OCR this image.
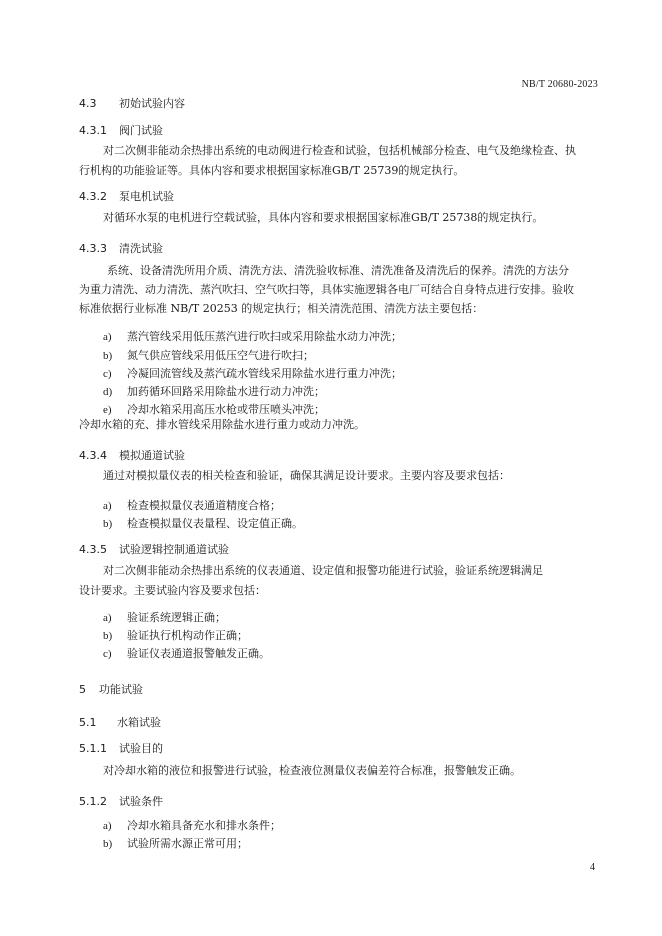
NB/T 20680-2023
4.3 初始试验内容
4.3.1 阀门试验
对二次侧非能动余热排出系统的电动阀进行检查和试验，包括机械部分检查、电气及绝缘检查、执
行机构的功能验证等。具体内容和要求根据国家标准GB/T 25739的规定执行。
4.3.2 泵电机试验
对循环水泵的电机进行空载试验，具体内容和要求根据国家标准GB/T 25738的规定执行。
4.3.3 清洗试验
系统、设备清洗所用介质、清洗方法、清洗验收标准、清洗准备及清洗后的保养。清洗的方法分
为重力清洗、动力清洗、蒸汽吹扫、空气吹扫等，具体实施逻辑各电厂可结合自身特点进行安排。验收
标准依据行业标准 NB/T 20253 的规定执行；相关清洗范围、清洗方法主要包括：
a) 蒸汽管线采用低压蒸汽进行吹扫或采用除盐水动力冲洗；
b) 氮气供应管线采用低压空气进行吹扫；
c) 冷凝回流管线及蒸汽疏水管线采用除盐水进行重力冲洗；
d) 加药循环回路采用除盐水进行动力冲洗；
e) 冷却水箱采用高压水枪或带压喷头冲洗；
冷却水箱的充、排水管线采用除盐水进行重力或动力冲洗。
4.3.4 模拟通道试验
通过对模拟量仪表的相关检查和验证，确保其满足设计要求。主要内容及要求包括：
a) 检查模拟量仪表通道精度合格；
b) 检查模拟量仪表量程、设定值正确。
4.3.5 试验逻辑控制通道试验
对二次侧非能动余热排出系统的仪表通道、设定值和报警功能进行试验，验证系统逻辑满足
设计要求。主要试验内容及要求包括：
a) 验证系统逻辑正确；
b) 验证执行机构动作正确；
c) 验证仪表通道报警触发正确。
5 功能试验
5.1 水箱试验
5.1.1 试验目的
对冷却水箱的液位和报警进行试验，检查液位测量仪表偏差符合标准，报警触发正确。
5.1.2 试验条件
a) 冷却水箱具备充水和排水条件；
b) 试验所需水源正常可用；
4
